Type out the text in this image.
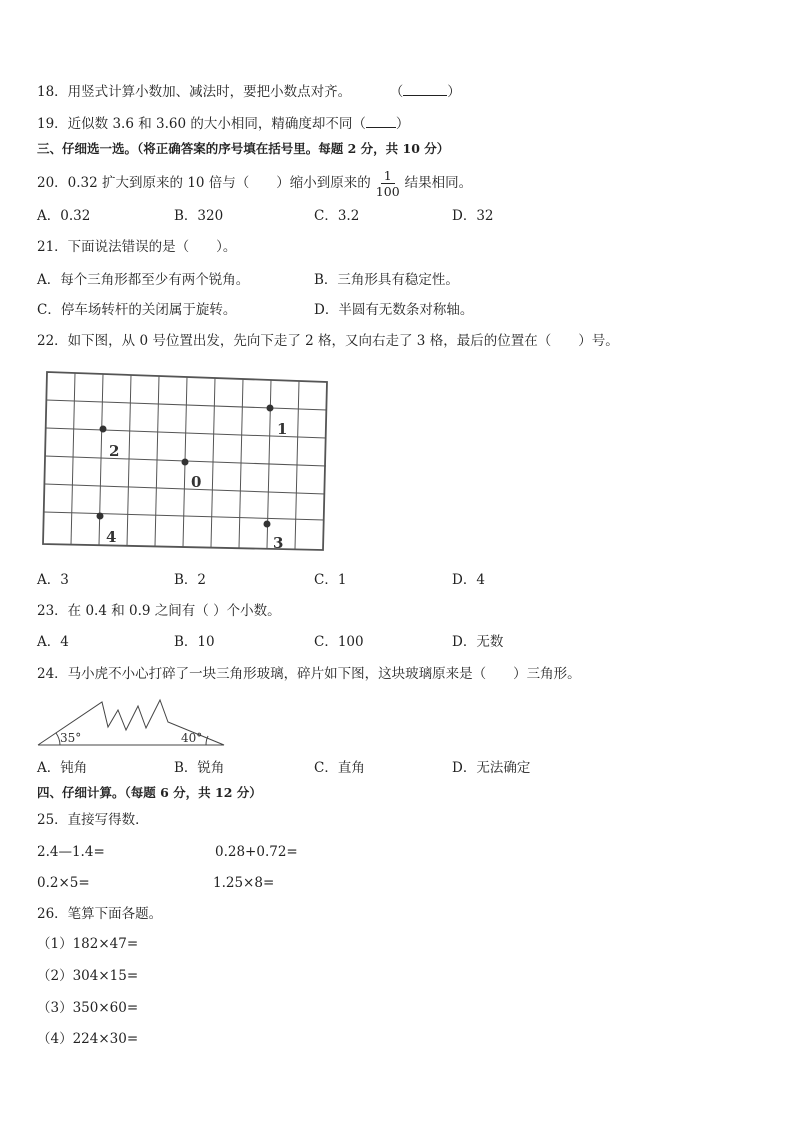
18．用竖式计算小数加、减法时，要把小数点对齐。	（	）
19．近似数 3.6 和 3.60 的大小相同，精确度却不同（ ）
三、仔细选一选。（将正确答案的序号填在括号里。每题 2 分，共 10 分）
20．0.32 扩大到原来的 10 倍与（　　）缩小到原来的 $\frac{1}{100}$ 结果相同。
A．0.32	B．320	C．3.2	D．32
21．下面说法错误的是（　　）。
A．每个三角形都至少有两个锐角。	B．三角形具有稳定性。
C．停车场转杆的关闭属于旋转。	D．半圆有无数条对称轴。
22．如下图，从 0 号位置出发，先向下走了 2 格，又向右走了 3 格，最后的位置在（　　）号。
1
2
0
4	3
A．3	B．2	C．1	D．4
23．在 0.4 和 0.9 之间有（ ）个小数。
A．4	B．10	C．100	D．无数
24．马小虎不小心打碎了一块三角形玻璃，碎片如下图，这块玻璃原来是（　　）三角形。
35°	40°
A．钝角	B．锐角	C．直角	D．无法确定
四、仔细计算。（每题 6 分，共 12 分）
25．直接写得数．
2.4—1.4=	0.28+0.72=
0.2×5=	1.25×8=
26．笔算下面各题。
（1）182×47=
（2）304×15=
（3）350×60=
（4）224×30=
